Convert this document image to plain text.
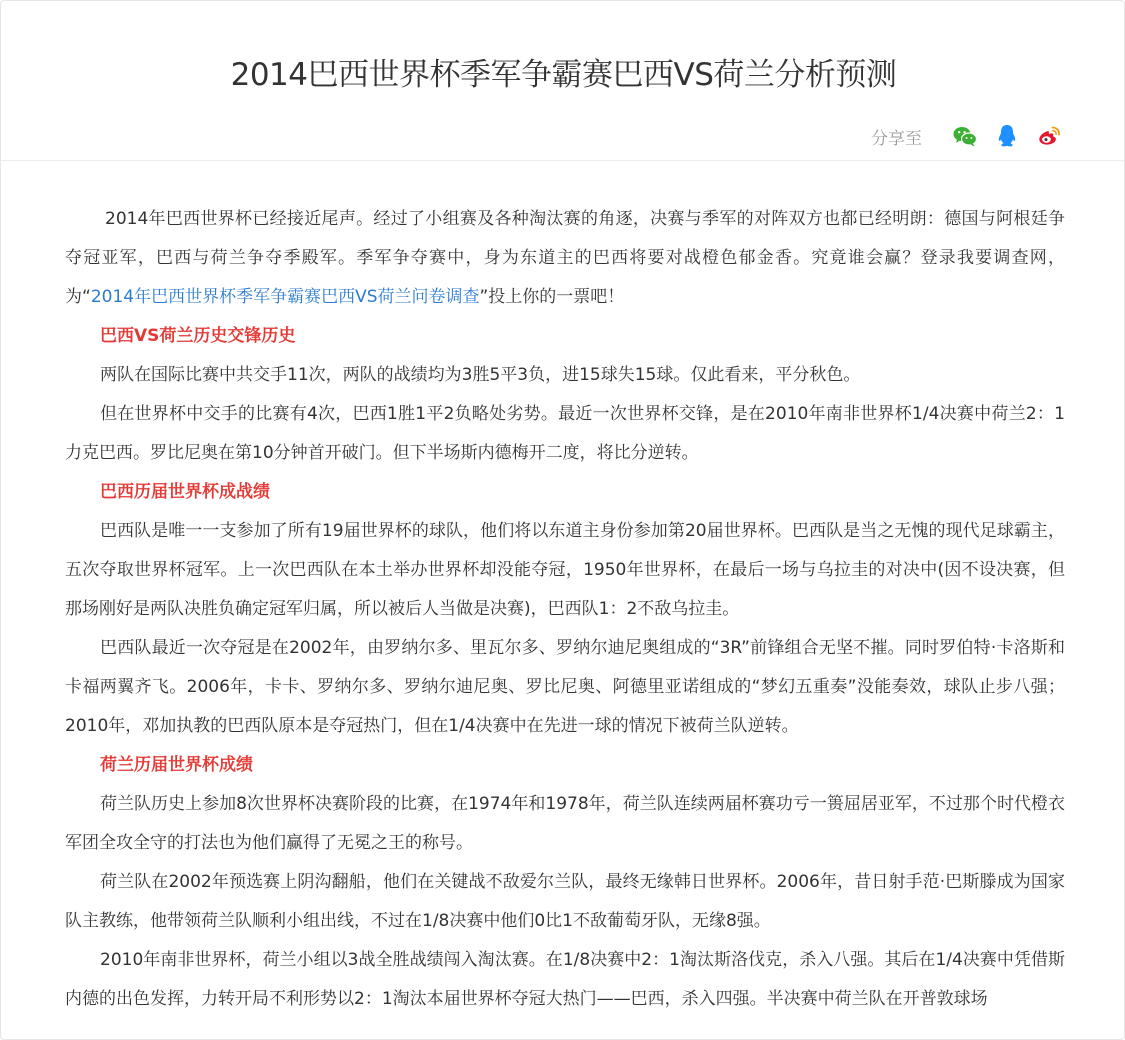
2014巴西世界杯季军争霸赛巴西VS荷兰分析预测
分享至

2014年巴西世界杯已经接近尾声。经过了小组赛及各种淘汰赛的角逐，决赛与季军的对阵双方也都已经明朗：德国与阿根廷争夺冠亚军，巴西与荷兰争夺季殿军。季军争夺赛中，身为东道主的巴西将要对战橙色郁金香。究竟谁会赢？登录我要调查网，为“2014年巴西世界杯季军争霸赛巴西VS荷兰问卷调查”投上你的一票吧！

巴西VS荷兰历史交锋历史

两队在国际比赛中共交手11次，两队的战绩均为3胜5平3负，进15球失15球。仅此看来，平分秋色。

但在世界杯中交手的比赛有4次，巴西1胜1平2负略处劣势。最近一次世界杯交锋，是在2010年南非世界杯1/4决赛中荷兰2：1力克巴西。罗比尼奥在第10分钟首开破门。但下半场斯内德梅开二度，将比分逆转。

巴西历届世界杯成战绩

巴西队是唯一一支参加了所有19届世界杯的球队，他们将以东道主身份参加第20届世界杯。巴西队是当之无愧的现代足球霸主，五次夺取世界杯冠军。上一次巴西队在本土举办世界杯却没能夺冠，1950年世界杯，在最后一场与乌拉圭的对决中(因不设决赛，但那场刚好是两队决胜负确定冠军归属，所以被后人当做是决赛)，巴西队1：2不敌乌拉圭。

巴西队最近一次夺冠是在2002年，由罗纳尔多、里瓦尔多、罗纳尔迪尼奥组成的“3R”前锋组合无坚不摧。同时罗伯特·卡洛斯和卡福两翼齐飞。2006年，卡卡、罗纳尔多、罗纳尔迪尼奥、罗比尼奥、阿德里亚诺组成的“梦幻五重奏”没能奏效，球队止步八强；2010年，邓加执教的巴西队原本是夺冠热门，但在1/4决赛中在先进一球的情况下被荷兰队逆转。

荷兰历届世界杯成绩

荷兰队历史上参加8次世界杯决赛阶段的比赛，在1974年和1978年，荷兰队连续两届杯赛功亏一篑屈居亚军，不过那个时代橙衣军团全攻全守的打法也为他们赢得了无冕之王的称号。

荷兰队在2002年预选赛上阴沟翻船，他们在关键战不敌爱尔兰队，最终无缘韩日世界杯。2006年，昔日射手范·巴斯滕成为国家队主教练，他带领荷兰队顺利小组出线，不过在1/8决赛中他们0比1不敌葡萄牙队，无缘8强。

2010年南非世界杯，荷兰小组以3战全胜战绩闯入淘汰赛。在1/8决赛中2：1淘汰斯洛伐克，杀入八强。其后在1/4决赛中凭借斯内德的出色发挥，力转开局不利形势以2：1淘汰本届世界杯夺冠大热门——巴西，杀入四强。半决赛中荷兰队在开普敦球场
